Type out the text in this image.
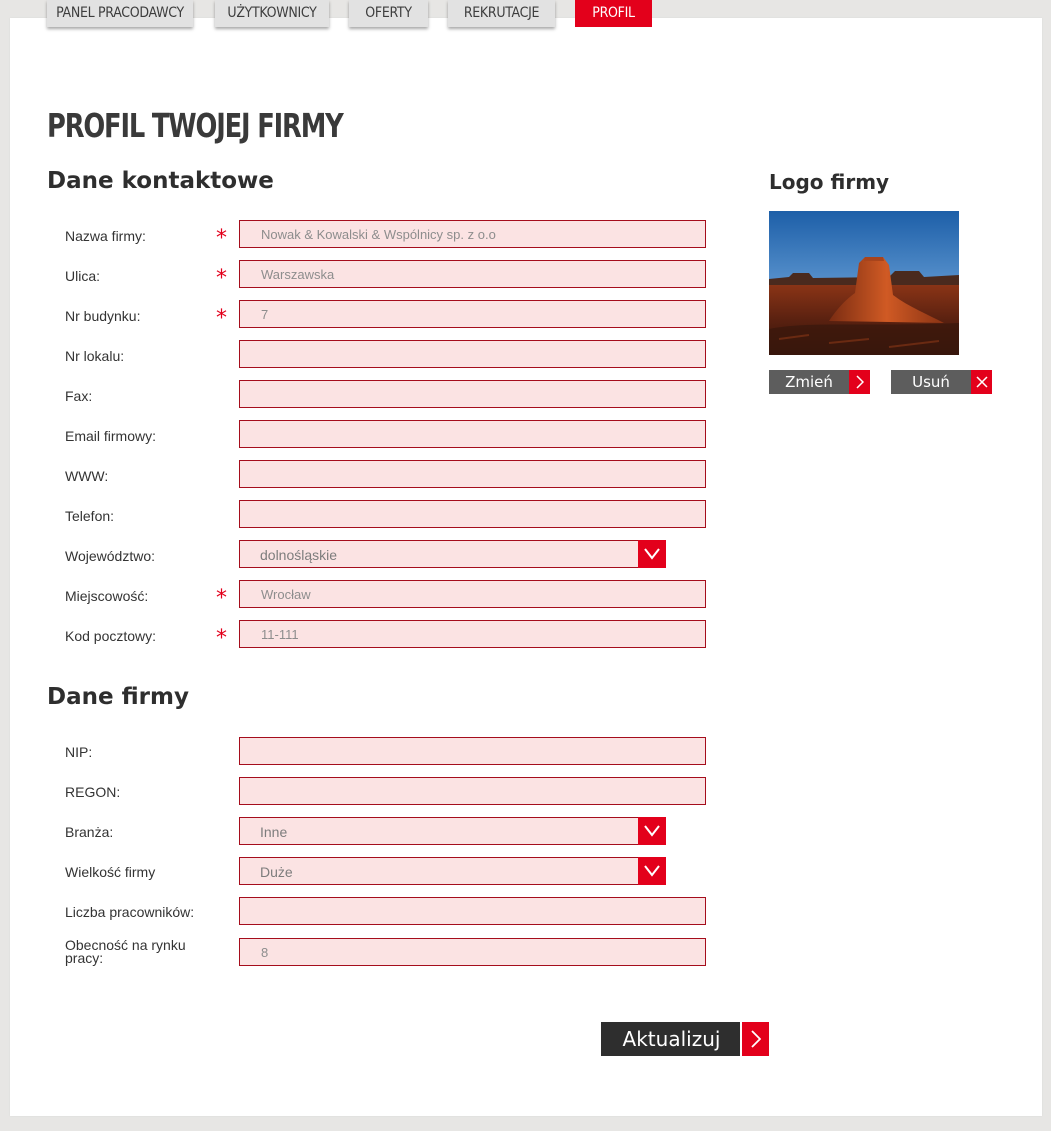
PANEL PRACODAWCY	UŻYTKOWNICY	OFERTY	REKRUTACJE	PROFIL
PROFIL TWOJEJ FIRMY
Dane kontaktowe
Nazwa firmy:	*
Nowak & Kowalski & Wspólnicy sp. z o.o
Ulica:	*
Warszawska
Nr budynku:	*
7
Nr lokalu:
Fax:
Email firmowy:
WWW:
Telefon:
Województwo:	dolnośląskie
Miejscowość:	*
Wrocław
Kod pocztowy:	*
11-111
Dane firmy
NIP:
REGON:
Branża:	Inne
Wielkość firmy	Duże
Liczba pracowników:
Obecność na rynku pracy:
8
Logo firmy
Zmień	Usuń
Aktualizuj
